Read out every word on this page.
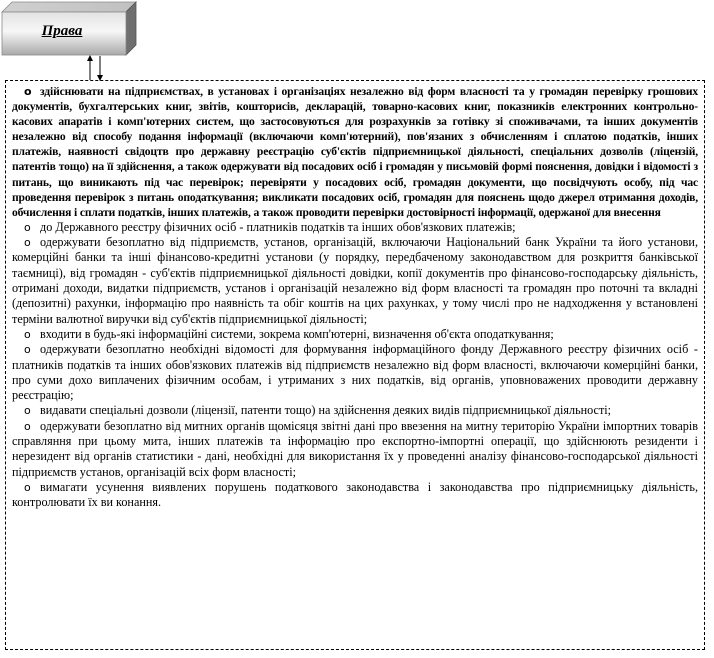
Права

o здійснювати на підприємствах, в установах і організаціях незалежно від форм власності та у громадян перевірку грошових документів, бухгалтерських книг, звітів, кошторисів, декларацій, товарно-касових книг, показників електронних контрольно-касових апаратів і комп'ютерних систем, що застосовуються для розрахунків за готівку зі споживачами, та інших документів незалежно від способу подання інформації (включаючи комп'ютерний), пов'язаних з обчисленням і сплатою податків, інших платежів, наявності свідоцтв про державну реєстрацію суб'єктів підприємницької діяльності, спеціальних дозволів (ліцензій, патентів тощо) на її здійснення, а також одержувати від посадових осіб і громадян у письмовій формі пояснення, довідки і відомості з питань, що виникають під час перевірок; перевіряти у посадових осіб, громадян документи, що посвідчують особу, під час проведення перевірок з питань оподаткування; викликати посадових осіб, громадян для пояснень щодо джерел отримання доходів, обчислення і сплати податків, інших платежів, а також проводити перевірки достовірності інформації, одержаної для внесення

o до Державного реєстру фізичних осіб - платників податків та інших обов'язкових платежів;

o одержувати безоплатно від підприємств, установ, організацій, включаючи Національний банк України та його установи, комерційні банки та інші фінансово-кредитні установи (у порядку, передбаченому законодавством для розкриття банківської таємниці), від громадян - суб'єктів підприємницької діяльності довідки, копії документів про фінансово-господарську діяльність, отримані доходи, видатки підприємств, установ і організацій незалежно від форм власності та громадян про поточні та вкладні (депозитні) рахунки, інформацію про наявність та обіг коштів на цих рахунках, у тому числі про не надходження у встановлені терміни валютної виручки від суб'єктів підприємницької діяльності;

o входити в будь-які інформаційні системи, зокрема комп'ютерні, визначення об'єкта оподаткування;

o одержувати безоплатно необхідні відомості для формування інформаційного фонду Державного реєстру фізичних осіб - платників податків та інших обов'язкових платежів від підприємств незалежно від форм власності, включаючи комерційні банки, про суми дохо виплачених фізичним особам, і утриманих з них податків, від органів, уповноважених проводити державну реєстрацію;

o видавати спеціальні дозволи (ліцензії, патенти тощо) на здійснення деяких видів підприємницької діяльності;

o одержувати безоплатно від митних органів щомісяця звітні дані про ввезення на митну територію України імпортних товарів справляння при цьому мита, інших платежів та інформацію про експортно-імпортні операції, що здійснюють резиденти і нерезидент від органів статистики - дані, необхідні для використання їх у проведенні аналізу фінансово-господарської діяльності підприємств установ, організацій всіх форм власності;

o вимагати усунення виявлених порушень податкового законодавства і законодавства про підприємницьку діяльність, контролювати їх ви конання.
